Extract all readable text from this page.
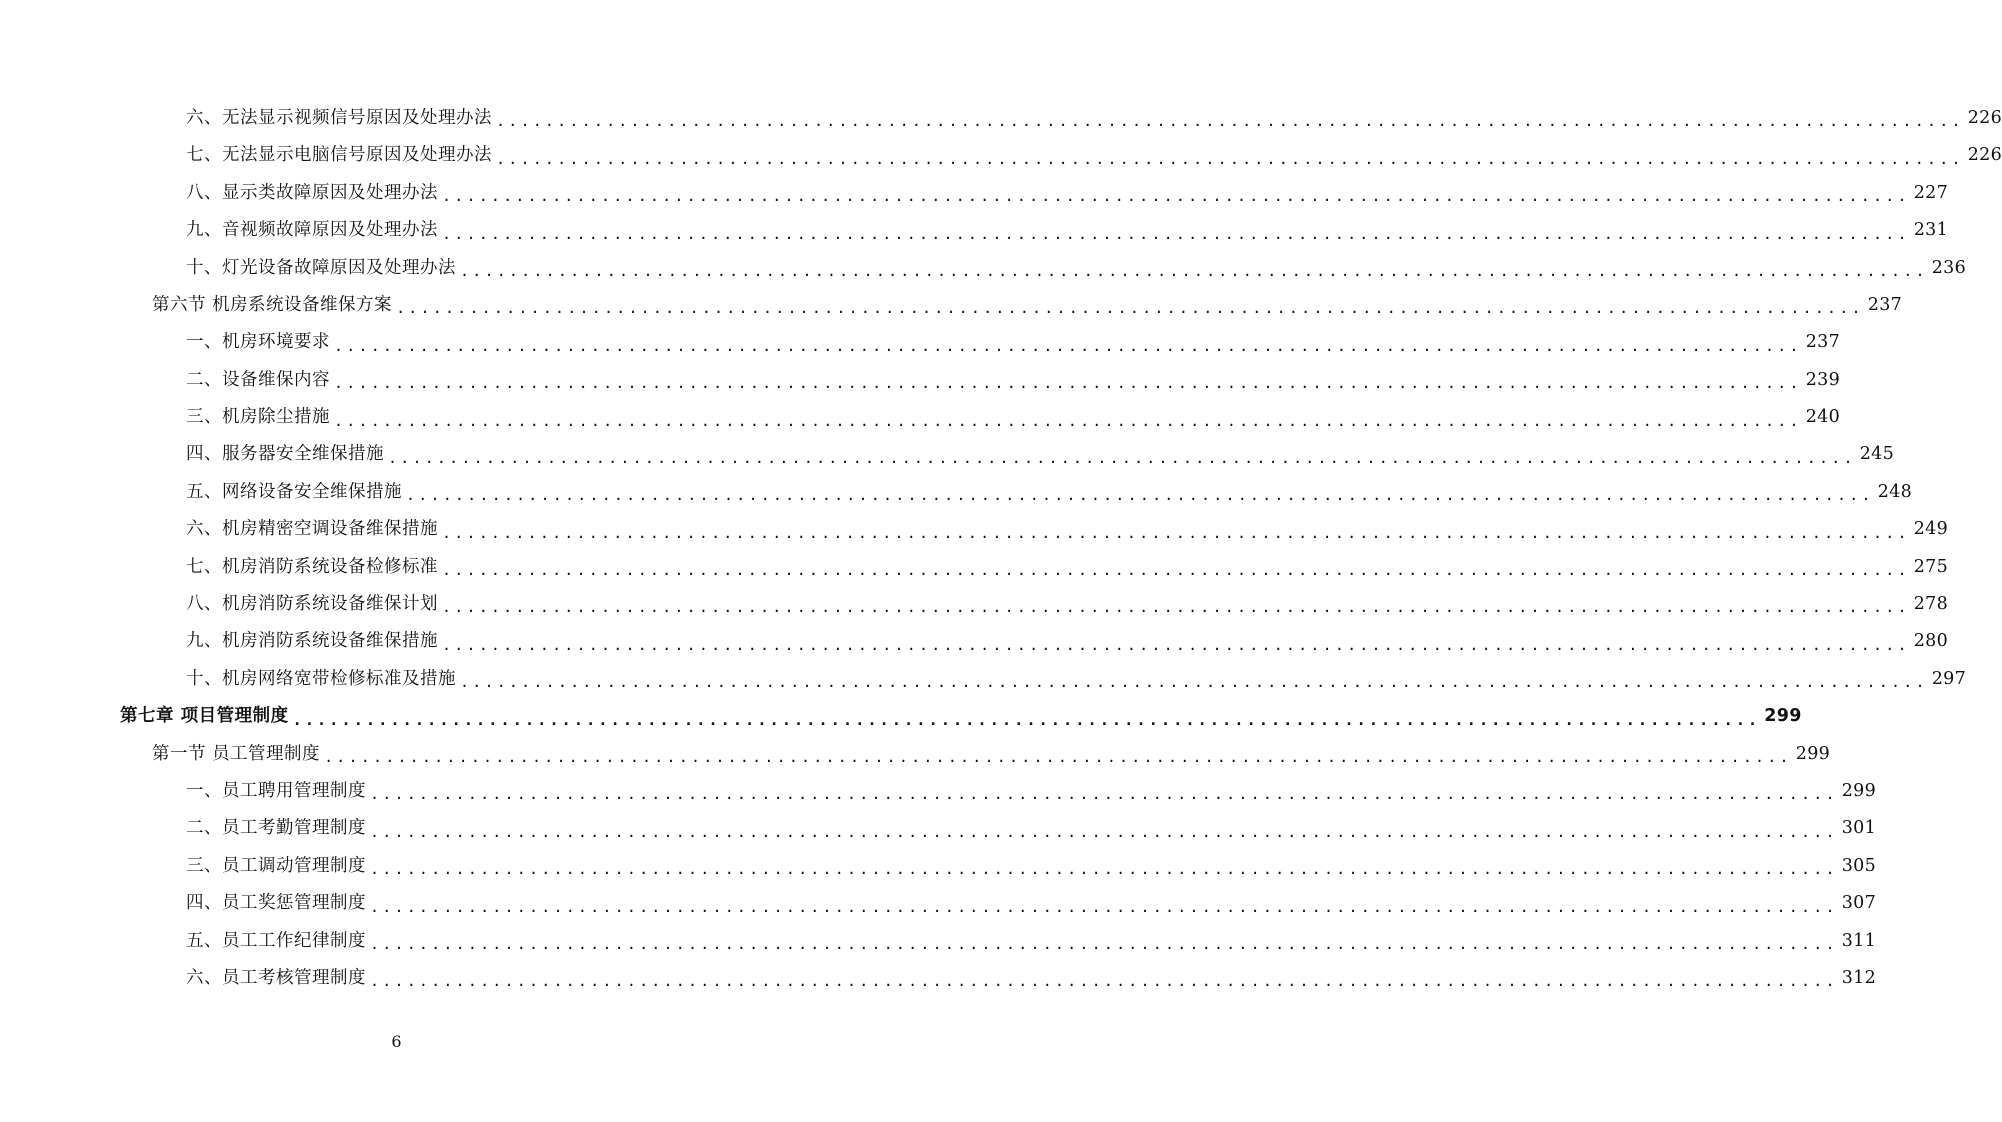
六、无法显示视频信号原因及处理办法 ........................................................................................................................ 226
七、无法显示电脑信号原因及处理办法 ........................................................................................................................ 226
八、显示类故障原因及处理办法 ........................................................................................................................ 227
九、音视频故障原因及处理办法 ........................................................................................................................ 231
十、灯光设备故障原因及处理办法 ........................................................................................................................ 236
第六节 机房系统设备维保方案 ........................................................................................................................ 237
一、机房环境要求 ........................................................................................................................ 237
二、设备维保内容 ........................................................................................................................ 239
三、机房除尘措施 ........................................................................................................................ 240
四、服务器安全维保措施 ........................................................................................................................ 245
五、网络设备安全维保措施 ........................................................................................................................ 248
六、机房精密空调设备维保措施 ........................................................................................................................ 249
七、机房消防系统设备检修标准 ........................................................................................................................ 275
八、机房消防系统设备维保计划 ........................................................................................................................ 278
九、机房消防系统设备维保措施 ........................................................................................................................ 280
十、机房网络宽带检修标准及措施 ........................................................................................................................ 297
第七章 项目管理制度 ........................................................................................................................ 299
第一节 员工管理制度 ........................................................................................................................ 299
一、员工聘用管理制度 ........................................................................................................................ 299
二、员工考勤管理制度 ........................................................................................................................ 301
三、员工调动管理制度 ........................................................................................................................ 305
四、员工奖惩管理制度 ........................................................................................................................ 307
五、员工工作纪律制度 ........................................................................................................................ 311
六、员工考核管理制度 ........................................................................................................................ 312
6
